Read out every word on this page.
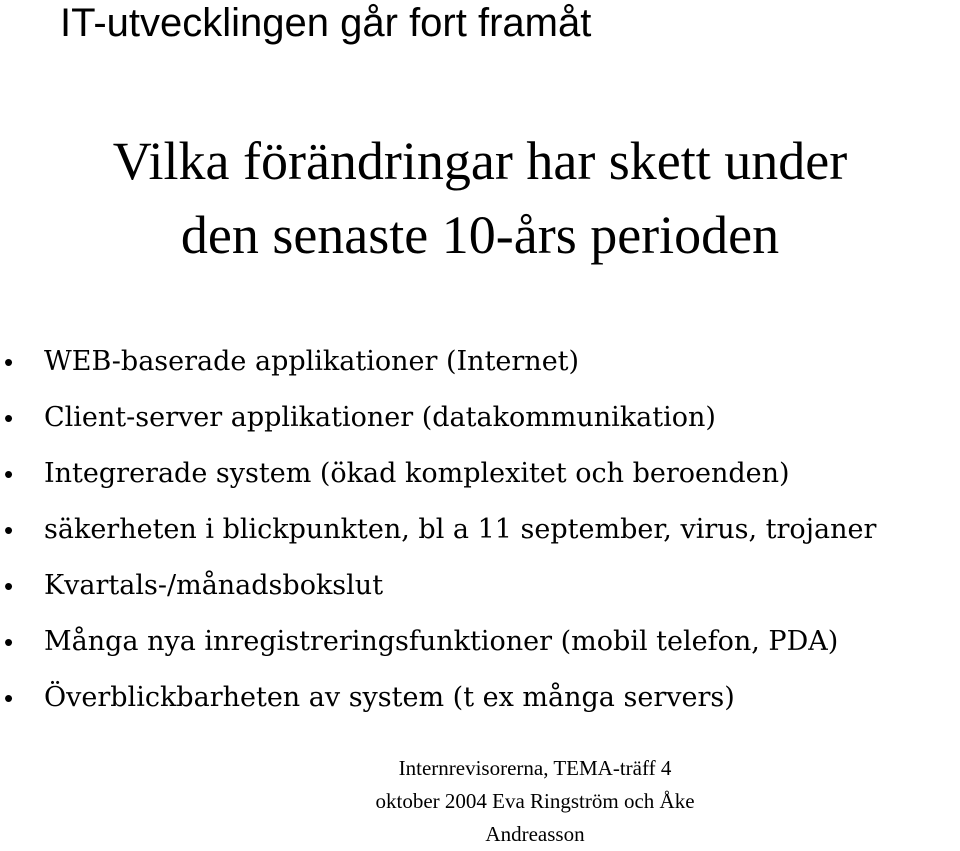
IT-utvecklingen går fort framåt
Vilka förändringar har skett under
den senaste 10-års perioden
• WEB-baserade applikationer (Internet)
• Client-server applikationer (datakommunikation)
• Integrerade system (ökad komplexitet och beroenden)
• säkerheten i blickpunkten, bl a 11 september, virus, trojaner
• Kvartals-/månadsbokslut
• Många nya inregistreringsfunktioner (mobil telefon, PDA)
• Överblickbarheten av system (t ex många servers)
Internrevisorerna, TEMA-träff 4
oktober 2004 Eva Ringström och Åke
Andreasson
